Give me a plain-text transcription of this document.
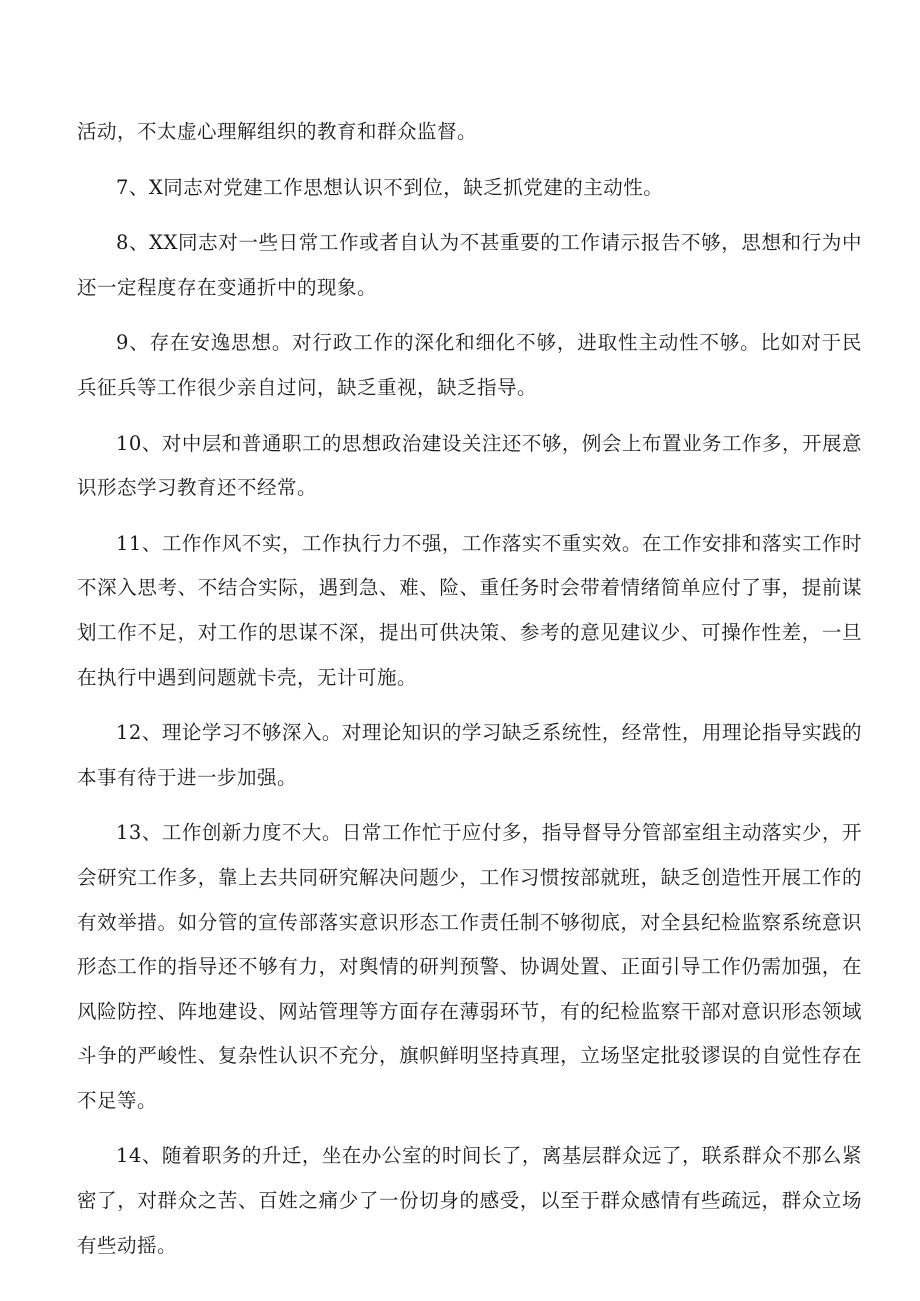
活动，不太虚心理解组织的教育和群众监督。

7、X同志对党建工作思想认识不到位，缺乏抓党建的主动性。

8、XX同志对一些日常工作或者自认为不甚重要的工作请示报告不够，思想和行为中还一定程度存在变通折中的现象。

9、存在安逸思想。对行政工作的深化和细化不够，进取性主动性不够。比如对于民兵征兵等工作很少亲自过问，缺乏重视，缺乏指导。

10、对中层和普通职工的思想政治建设关注还不够，例会上布置业务工作多，开展意识形态学习教育还不经常。

11、工作作风不实，工作执行力不强，工作落实不重实效。在工作安排和落实工作时不深入思考、不结合实际，遇到急、难、险、重任务时会带着情绪简单应付了事，提前谋划工作不足，对工作的思谋不深，提出可供决策、参考的意见建议少、可操作性差，一旦在执行中遇到问题就卡壳，无计可施。

12、理论学习不够深入。对理论知识的学习缺乏系统性，经常性，用理论指导实践的本事有待于进一步加强。

13、工作创新力度不大。日常工作忙于应付多，指导督导分管部室组主动落实少，开会研究工作多，靠上去共同研究解决问题少，工作习惯按部就班，缺乏创造性开展工作的有效举措。如分管的宣传部落实意识形态工作责任制不够彻底，对全县纪检监察系统意识形态工作的指导还不够有力，对舆情的研判预警、协调处置、正面引导工作仍需加强，在风险防控、阵地建设、网站管理等方面存在薄弱环节，有的纪检监察干部对意识形态领域斗争的严峻性、复杂性认识不充分，旗帜鲜明坚持真理，立场坚定批驳谬误的自觉性存在不足等。

14、随着职务的升迁，坐在办公室的时间长了，离基层群众远了，联系群众不那么紧密了，对群众之苦、百姓之痛少了一份切身的感受，以至于群众感情有些疏远，群众立场有些动摇。
